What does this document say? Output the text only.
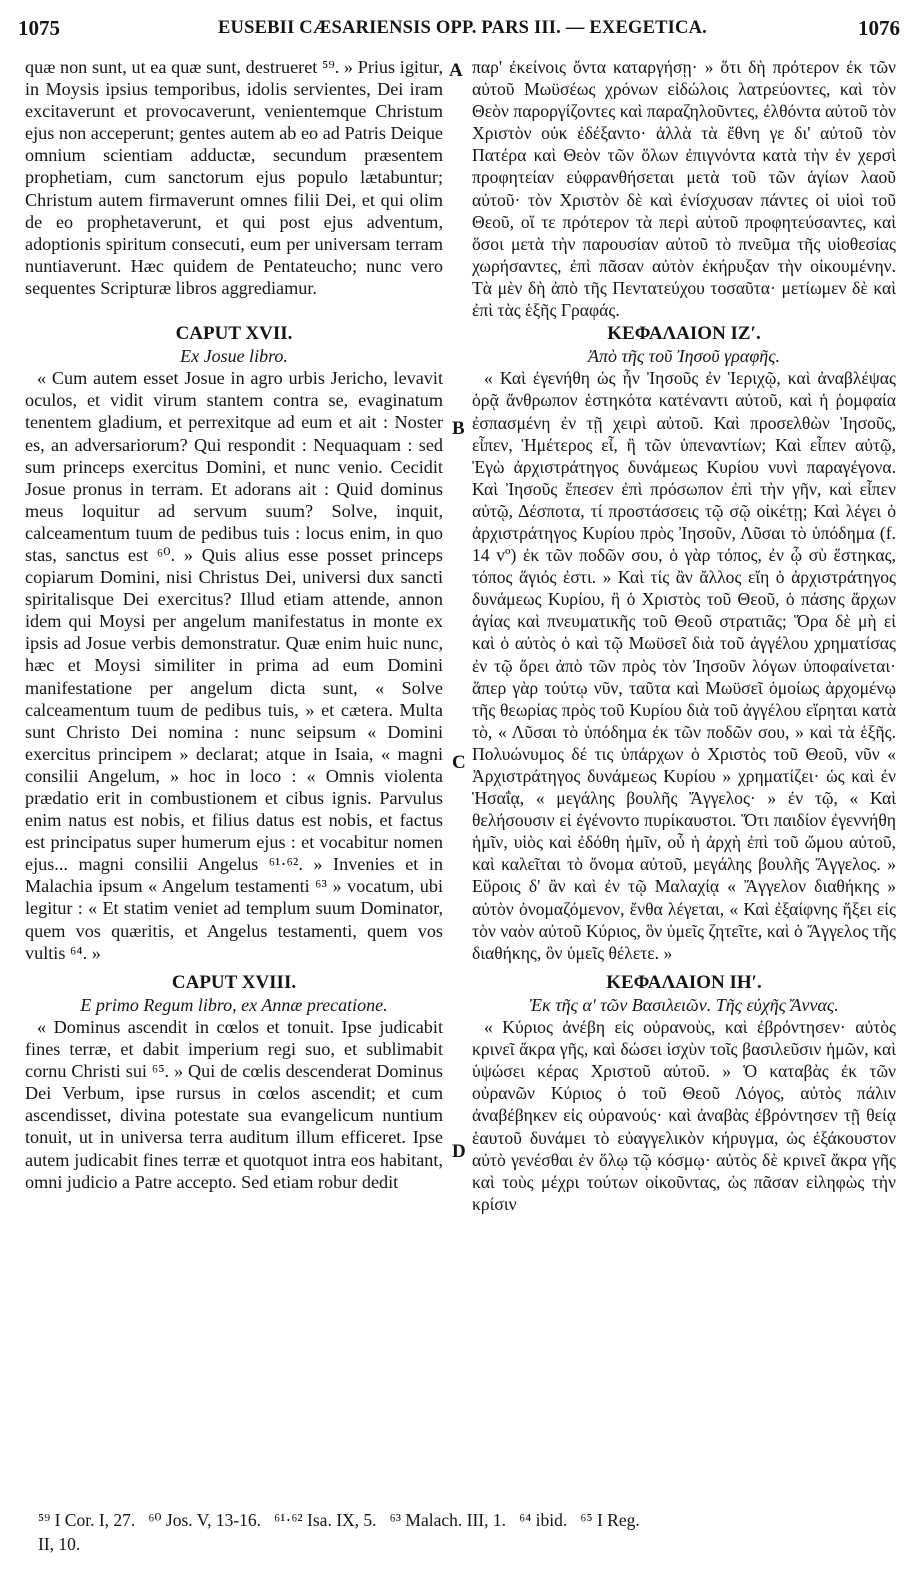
1075	EUSEBII CÆSARIENSIS OPP. PARS III. — EXEGETICA.	1076
A
B
C
D

quæ non sunt, ut ea quæ sunt, destrueret ⁵⁹. » Prius igitur, in Moysis ipsius temporibus, idolis servientes, Dei iram excitaverunt et provocaverunt, venientemque Christum ejus non acceperunt; gentes autem ab eo ad Patris Deique omnium scientiam adductæ, secundum præsentem prophetiam, cum sanctorum ejus populo lætabuntur; Christum autem firmaverunt omnes filii Dei, et qui olim de eo prophetaverunt, et qui post ejus adventum, adoptionis spiritum consecuti, eum per universam terram nuntiaverunt. Hæc quidem de Pentateucho; nunc vero sequentes Scripturæ libros aggrediamur.

CAPUT XVII.

Ex Josue libro.

« Cum autem esset Josue in agro urbis Jericho, levavit oculos, et vidit virum stantem contra se, evaginatum tenentem gladium, et perrexitque ad eum et ait : Noster es, an adversariorum? Qui respondit : Nequaquam : sed sum princeps exercitus Domini, et nunc venio. Cecidit Josue pronus in terram. Et adorans ait : Quid dominus meus loquitur ad servum suum? Solve, inquit, calceamentum tuum de pedibus tuis : locus enim, in quo stas, sanctus est ⁶⁰. » Quis alius esse posset princeps copiarum Domini, nisi Christus Dei, universi dux sancti spiritalisque Dei exercitus? Illud etiam attende, annon idem qui Moysi per angelum manifestatus in monte ex ipsis ad Josue verbis demonstratur. Quæ enim huic nunc, hæc et Moysi similiter in prima ad eum Domini manifestatione per angelum dicta sunt, « Solve calceamentum tuum de pedibus tuis, » et cætera. Multa sunt Christo Dei nomina : nunc seipsum « Domini exercitus principem » declarat; atque in Isaia, « magni consilii Angelum, » hoc in loco : « Omnis violenta prædatio erit in combustionem et cibus ignis. Parvulus enim natus est nobis, et filius datus est nobis, et factus est principatus super humerum ejus : et vocabitur nomen ejus... magni consilii Angelus ⁶¹·⁶². » Invenies et in Malachia ipsum « Angelum testamenti ⁶³ » vocatum, ubi legitur : « Et statim veniet ad templum suum Dominator, quem vos quæritis, et Angelus testamenti, quem vos vultis ⁶⁴. »

CAPUT XVIII.

E primo Regum libro, ex Annæ precatione.

« Dominus ascendit in cœlos et tonuit. Ipse judicabit fines terræ, et dabit imperium regi suo, et sublimabit cornu Christi sui ⁶⁵. » Qui de cœlis descenderat Dominus Dei Verbum, ipse rursus in cœlos ascendit; et cum ascendisset, divina potestate sua evangelicum nuntium tonuit, ut in universa terra auditum illum efficeret. Ipse autem judicabit fines terræ et quotquot intra eos habitant, omni judicio a Patre accepto. Sed etiam robur dedit

παρ' ἐκείνοις ὄντα καταργήσῃ· » ὅτι δὴ πρότερον ἐκ τῶν αὐτοῦ Μωϋσέως χρόνων εἰδώλοις λατρεύοντες, καὶ τὸν Θεὸν παροργίζοντες καὶ παραζηλοῦντες, ἐλθόντα αὐτοῦ τὸν Χριστὸν οὐκ ἐδέξαντο· ἀλλὰ τὰ ἔθνη γε δι' αὐτοῦ τὸν Πατέρα καὶ Θεὸν τῶν ὅλων ἐπιγνόντα κατὰ τὴν ἐν χερσὶ προφητείαν εὐφρανθήσεται μετὰ τοῦ τῶν ἁγίων λαοῦ αὐτοῦ· τὸν Χριστὸν δὲ καὶ ἐνίσχυσαν πάντες οἱ υἱοὶ τοῦ Θεοῦ, οἵ τε πρότερον τὰ περὶ αὐτοῦ προφητεύσαντες, καὶ ὅσοι μετὰ τὴν παρουσίαν αὐτοῦ τὸ πνεῦμα τῆς υἱοθεσίας χωρήσαντες, ἐπὶ πᾶσαν αὐτὸν ἐκήρυξαν τὴν οἰκουμένην. Τὰ μὲν δὴ ἀπὸ τῆς Πεντατεύχου τοσαῦτα· μετίωμεν δὲ καὶ ἐπὶ τὰς ἑξῆς Γραφάς.

ΚΕΦΑΛΑΙΟΝ ΙΖʹ.

Ἀπὸ τῆς τοῦ Ἰησοῦ γραφῆς.

« Καὶ ἐγενήθη ὡς ἦν Ἰησοῦς ἐν Ἱεριχῷ, καὶ ἀναβλέψας ὁρᾷ ἄνθρωπον ἑστηκότα κατέναντι αὐτοῦ, καὶ ἡ ῥομφαία ἐσπασμένη ἐν τῇ χειρὶ αὐτοῦ. Καὶ προσελθὼν Ἰησοῦς, εἶπεν, Ἡμέτερος εἶ, ἢ τῶν ὑπεναντίων; Καὶ εἶπεν αὐτῷ, Ἐγὼ ἀρχιστράτηγος δυνάμεως Κυρίου νυνὶ παραγέγονα. Καὶ Ἰησοῦς ἔπεσεν ἐπὶ πρόσωπον ἐπὶ τὴν γῆν, καὶ εἶπεν αὐτῷ, Δέσποτα, τί προστάσσεις τῷ σῷ οἰκέτῃ; Καὶ λέγει ὁ ἀρχιστράτηγος Κυρίου πρὸς Ἰησοῦν, Λῦσαι τὸ ὑπόδημα (f. 14 vº) ἐκ τῶν ποδῶν σου, ὁ γὰρ τόπος, ἐν ᾧ σὺ ἕστηκας, τόπος ἅγιός ἐστι. » Καὶ τίς ἂν ἄλλος εἴη ὁ ἀρχιστράτηγος δυνάμεως Κυρίου, ἢ ὁ Χριστὸς τοῦ Θεοῦ, ὁ πάσης ἄρχων ἁγίας καὶ πνευματικῆς τοῦ Θεοῦ στρατιᾶς; Ὅρα δὲ μὴ εἰ καὶ ὁ αὐτὸς ὁ καὶ τῷ Μωϋσεῖ διὰ τοῦ ἀγγέλου χρηματίσας ἐν τῷ ὄρει ἀπὸ τῶν πρὸς τὸν Ἰησοῦν λόγων ὑποφαίνεται· ἅπερ γὰρ τούτῳ νῦν, ταῦτα καὶ Μωϋσεῖ ὁμοίως ἀρχομένῳ τῆς θεωρίας πρὸς τοῦ Κυρίου διὰ τοῦ ἀγγέλου εἴρηται κατὰ τὸ, « Λῦσαι τὸ ὑπόδημα ἐκ τῶν ποδῶν σου, » καὶ τὰ ἑξῆς. Πολυώνυμος δέ τις ὑπάρχων ὁ Χριστὸς τοῦ Θεοῦ, νῦν « Ἀρχιστράτηγος δυνάμεως Κυρίου » χρηματίζει· ὡς καὶ ἐν Ἡσαΐᾳ, « μεγάλης βουλῆς Ἄγγελος· » ἐν τῷ, « Καὶ θελήσουσιν εἰ ἐγένοντο πυρίκαυστοι. Ὅτι παιδίον ἐγεννήθη ἡμῖν, υἱὸς καὶ ἐδόθη ἡμῖν, οὗ ἡ ἀρχὴ ἐπὶ τοῦ ὤμου αὐτοῦ, καὶ καλεῖται τὸ ὄνομα αὐτοῦ, μεγάλης βουλῆς Ἄγγελος. » Εὕροις δ' ἂν καὶ ἐν τῷ Μαλαχίᾳ « Ἄγγελον διαθήκης » αὐτὸν ὀνομαζόμενον, ἔνθα λέγεται, « Καὶ ἐξαίφνης ἥξει εἰς τὸν ναὸν αὐτοῦ Κύριος, ὃν ὑμεῖς ζητεῖτε, καὶ ὁ Ἄγγελος τῆς διαθήκης, ὃν ὑμεῖς θέλετε. »

ΚΕΦΑΛΑΙΟΝ ΙΗʹ.

Ἐκ τῆς αʹ τῶν Βασιλειῶν. Τῆς εὐχῆς Ἄννας.

« Κύριος ἀνέβη εἰς οὐρανοὺς, καὶ ἐβρόντησεν· αὐτὸς κρινεῖ ἄκρα γῆς, καὶ δώσει ἰσχὺν τοῖς βασιλεῦσιν ἡμῶν, καὶ ὑψώσει κέρας Χριστοῦ αὐτοῦ. » Ὁ καταβὰς ἐκ τῶν οὐρανῶν Κύριος ὁ τοῦ Θεοῦ Λόγος, αὐτὸς πάλιν ἀναβέβηκεν εἰς οὐρανούς· καὶ ἀναβὰς ἐβρόντησεν τῇ θείᾳ ἑαυτοῦ δυνάμει τὸ εὐαγγελικὸν κήρυγμα, ὡς ἐξάκουστον αὐτὸ γενέσθαι ἐν ὅλῳ τῷ κόσμῳ· αὐτὸς δὲ κρινεῖ ἄκρα γῆς καὶ τοὺς μέχρι τούτων οἰκοῦντας, ὡς πᾶσαν εἰληφὼς τὴν κρίσιν

⁵⁹ I Cor. I, 27.   ⁶⁰ Jos. V, 13-16.   ⁶¹·⁶² Isa. IX, 5.   ⁶³ Malach. III, 1.   ⁶⁴ ibid.   ⁶⁵ I Reg.

II, 10.
